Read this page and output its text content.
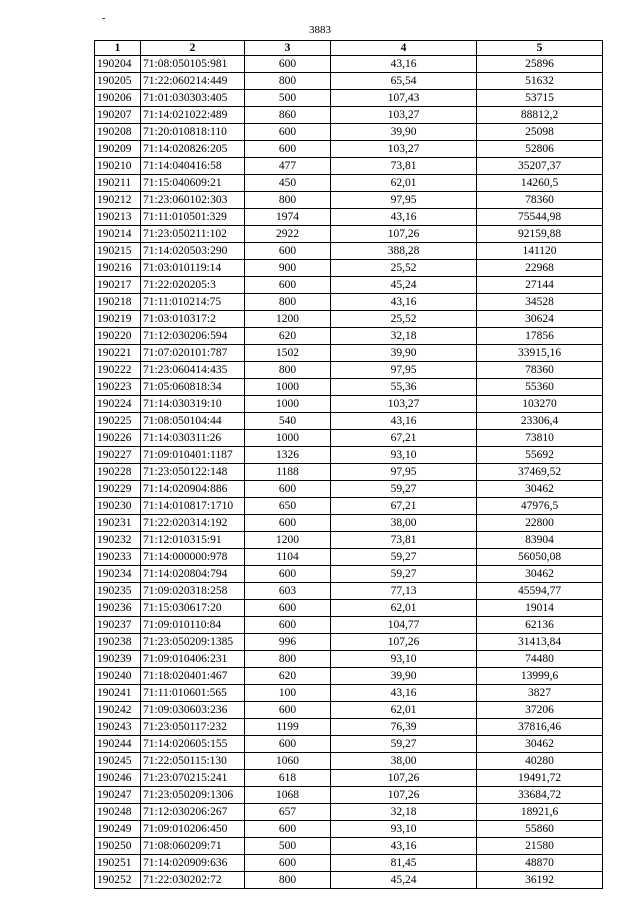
-
3883
1	2	3	4	5
190204	71:08:050105:981	600	43,16	25896
190205	71:22:060214:449	800	65,54	51632
190206	71:01:030303:405	500	107,43	53715
190207	71:14:021022:489	860	103,27	88812,2
190208	71:20:010818:110	600	39,90	25098
190209	71:14:020826:205	600	103,27	52806
190210	71:14:040416:58	477	73,81	35207,37
190211	71:15:040609:21	450	62,01	14260,5
190212	71:23:060102:303	800	97,95	78360
190213	71:11:010501:329	1974	43,16	75544,98
190214	71:23:050211:102	2922	107,26	92159,88
190215	71:14:020503:290	600	388,28	141120
190216	71:03:010119:14	900	25,52	22968
190217	71:22:020205:3	600	45,24	27144
190218	71:11:010214:75	800	43,16	34528
190219	71:03:010317:2	1200	25,52	30624
190220	71:12:030206:594	620	32,18	17856
190221	71:07:020101:787	1502	39,90	33915,16
190222	71:23:060414:435	800	97,95	78360
190223	71:05:060818:34	1000	55,36	55360
190224	71:14:030319:10	1000	103,27	103270
190225	71:08:050104:44	540	43,16	23306,4
190226	71:14:030311:26	1000	67,21	73810
190227	71:09:010401:1187	1326	93,10	55692
190228	71:23:050122:148	1188	97,95	37469,52
190229	71:14:020904:886	600	59,27	30462
190230	71:14:010817:1710	650	67,21	47976,5
190231	71:22:020314:192	600	38,00	22800
190232	71:12:010315:91	1200	73,81	83904
190233	71:14:000000:978	1104	59,27	56050,08
190234	71:14:020804:794	600	59,27	30462
190235	71:09:020318:258	603	77,13	45594,77
190236	71:15:030617:20	600	62,01	19014
190237	71:09:010110:84	600	104,77	62136
190238	71:23:050209:1385	996	107,26	31413,84
190239	71:09:010406:231	800	93,10	74480
190240	71:18:020401:467	620	39,90	13999,6
190241	71:11:010601:565	100	43,16	3827
190242	71:09:030603:236	600	62,01	37206
190243	71:23:050117:232	1199	76,39	37816,46
190244	71:14:020605:155	600	59,27	30462
190245	71:22:050115:130	1060	38,00	40280
190246	71:23:070215:241	618	107,26	19491,72
190247	71:23:050209:1306	1068	107,26	33684,72
190248	71:12:030206:267	657	32,18	18921,6
190249	71:09:010206:450	600	93,10	55860
190250	71:08:060209:71	500	43,16	21580
190251	71:14:020909:636	600	81,45	48870
190252	71:22:030202:72	800	45,24	36192
